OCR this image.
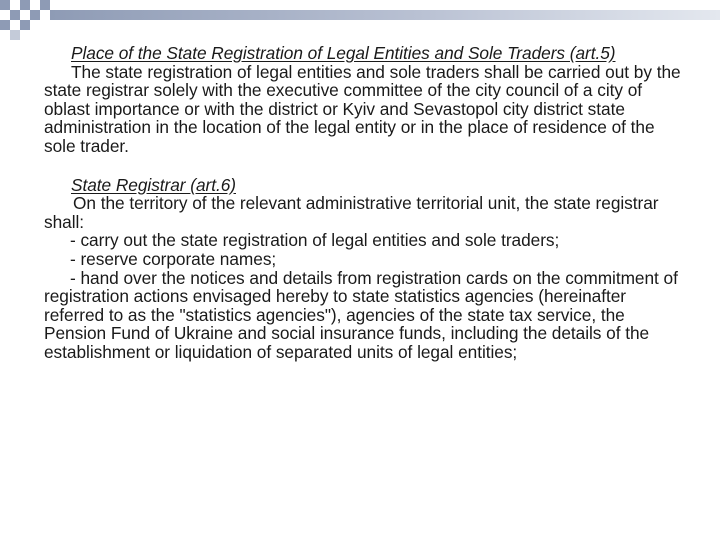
Place of the State Registration of Legal Entities and Sole Traders (art.5)

The state registration of legal entities and sole traders shall be carried out by the state registrar solely with the executive committee of the city council of a city of oblast importance or with the district or Kyiv and Sevastopol city district state administration in the location of the legal entity or in the place of residence of the sole trader.

State Registrar (art.6)

On the territory of the relevant administrative territorial unit, the state registrar shall:

- carry out the state registration of legal entities and sole traders;

- reserve corporate names;

- hand over the notices and details from registration cards on the commitment of registration actions envisaged hereby to state statistics agencies (hereinafter referred to as the "statistics agencies"), agencies of the state tax service, the Pension Fund of Ukraine and social insurance funds, including the details of the establishment or liquidation of separated units of legal entities;
